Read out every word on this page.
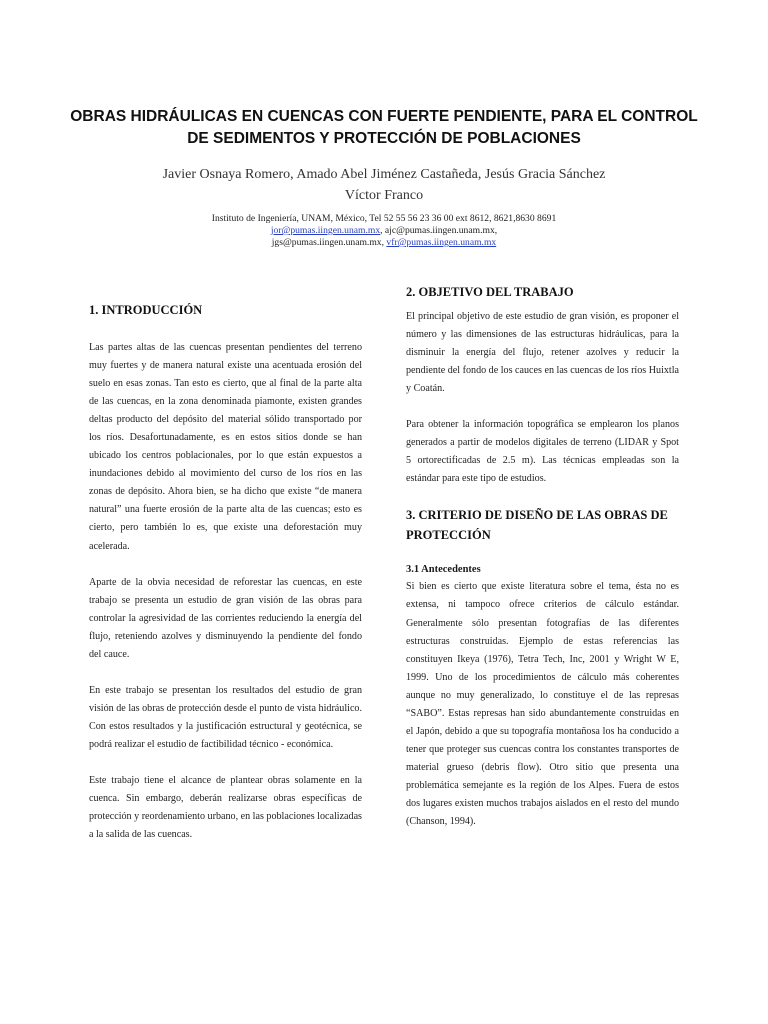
OBRAS HIDRÁULICAS EN CUENCAS CON FUERTE PENDIENTE, PARA EL CONTROL DE SEDIMENTOS Y PROTECCIÓN DE POBLACIONES
Javier Osnaya Romero, Amado Abel Jiménez Castañeda, Jesús Gracia Sánchez
Víctor Franco
Instituto de Ingeniería, UNAM, México, Tel 52 55 56 23 36 00 ext 8612, 8621,8630 8691
jor@pumas.iingen.unam.mx, ajc@pumas.iingen.unam.mx,
jgs@pumas.iingen.unam.mx, vfr@pumas.iingen.unam.mx

1. INTRODUCCIÓN

Las partes altas de las cuencas presentan pendientes del terreno muy fuertes y de manera natural existe una acentuada erosión del suelo en esas zonas. Tan esto es cierto, que al final de la parte alta de las cuencas, en la zona denominada piamonte, existen grandes deltas producto del depósito del material sólido transportado por los ríos. Desafortunadamente, es en estos sitios donde se han ubicado los centros poblacionales, por lo que están expuestos a inundaciones debido al movimiento del curso de los ríos en las zonas de depósito. Ahora bien, se ha dicho que existe “de manera natural” una fuerte erosión de la parte alta de las cuencas; esto es cierto, pero también lo es, que existe una deforestación muy acelerada.

Aparte de la obvia necesidad de reforestar las cuencas, en este trabajo se presenta un estudio de gran visión de las obras para controlar la agresividad de las corrientes reduciendo la energía del flujo, reteniendo azolves y disminuyendo la pendiente del fondo del cauce.

En este trabajo se presentan los resultados del estudio de gran visión de las obras de protección desde el punto de vista hidráulico. Con estos resultados y la justificación estructural y geotécnica, se podrá realizar el estudio de factibilidad técnico - económica.

Este trabajo tiene el alcance de plantear obras solamente en la cuenca. Sin embargo, deberán realizarse obras específicas de protección y reordenamiento urbano, en las poblaciones localizadas a la salida de las cuencas.

2. OBJETIVO DEL TRABAJO

El principal objetivo de este estudio de gran visión, es proponer el número y las dimensiones de las estructuras hidráulicas, para la disminuir la energía del flujo, retener azolves y reducir la pendiente del fondo de los cauces en las cuencas de los ríos Huixtla y Coatán.

Para obtener la información topográfica se emplearon los planos generados a partir de modelos digitales de terreno (LIDAR y Spot 5 ortorectificadas de 2.5 m). Las técnicas empleadas son la estándar para este tipo de estudios.

3. CRITERIO DE DISEÑO DE LAS OBRAS DE PROTECCIÓN

3.1 Antecedentes

Si bien es cierto que existe literatura sobre el tema, ésta no es extensa, ni tampoco ofrece criterios de cálculo estándar. Generalmente sólo presentan fotografías de las diferentes estructuras construidas. Ejemplo de estas referencias las constituyen Ikeya (1976), Tetra Tech, Inc, 2001 y Wright W E, 1999. Uno de los procedimientos de cálculo más coherentes aunque no muy generalizado, lo constituye el de las represas “SABO”. Estas represas han sido abundantemente construidas en el Japón, debido a que su topografía montañosa los ha conducido a tener que proteger sus cuencas contra los constantes transportes de material grueso (debris flow). Otro sitio que presenta una problemática semejante es la región de los Alpes. Fuera de estos dos lugares existen muchos trabajos aislados en el resto del mundo (Chanson, 1994).
